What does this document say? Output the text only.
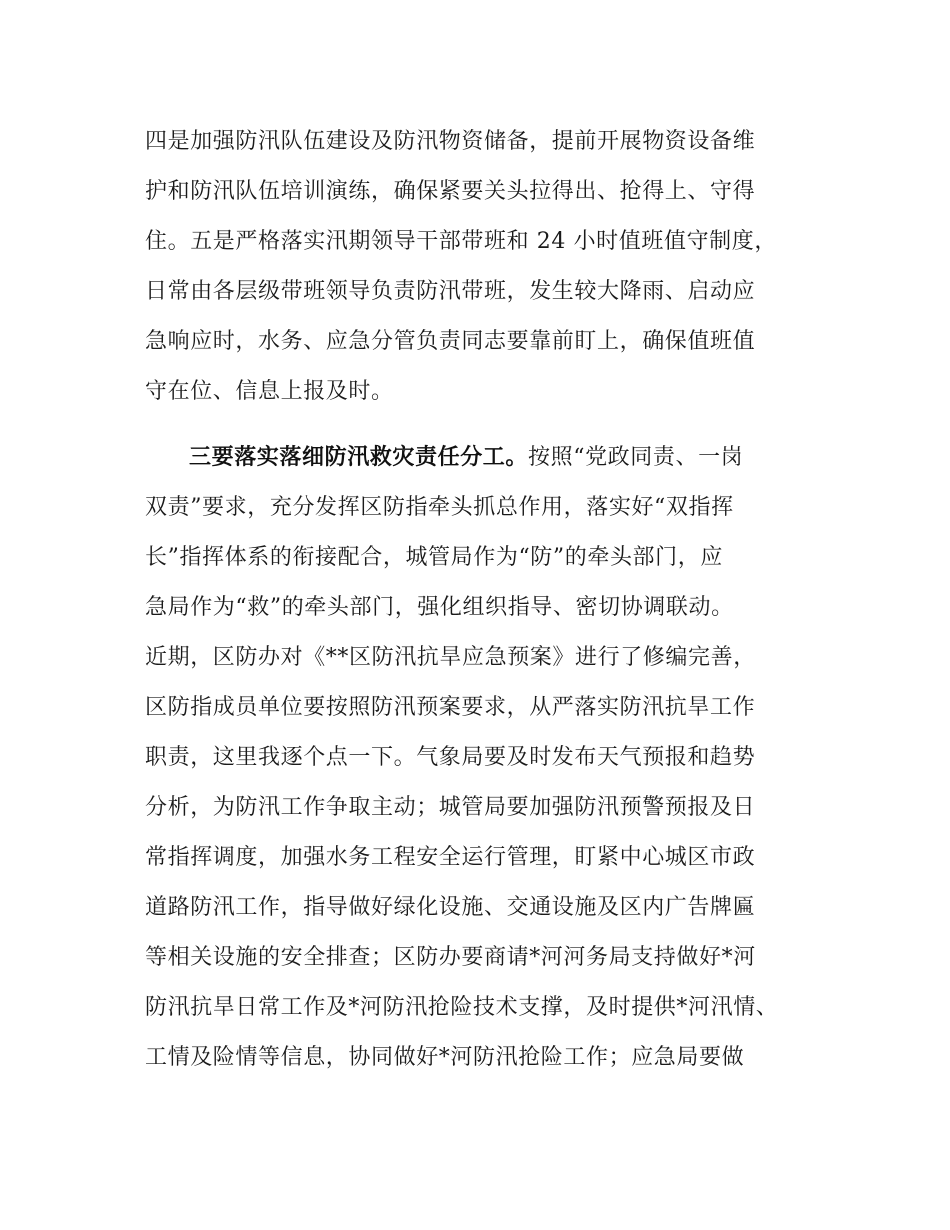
四是加强防汛队伍建设及防汛物资储备，提前开展物资设备维
护和防汛队伍培训演练，确保紧要关头拉得出、抢得上、守得
住。五是严格落实汛期领导干部带班和 24 小时值班值守制度，
日常由各层级带班领导负责防汛带班，发生较大降雨、启动应
急响应时，水务、应急分管负责同志要靠前盯上，确保值班值
守在位、信息上报及时。
三要落实落细防汛救灾责任分工。按照“党政同责、一岗
双责”要求，充分发挥区防指牵头抓总作用，落实好“双指挥
长”指挥体系的衔接配合，城管局作为“防”的牵头部门，应
急局作为“救”的牵头部门，强化组织指导、密切协调联动。
近期，区防办对《**区防汛抗旱应急预案》进行了修编完善，
区防指成员单位要按照防汛预案要求，从严落实防汛抗旱工作
职责，这里我逐个点一下。气象局要及时发布天气预报和趋势
分析，为防汛工作争取主动；城管局要加强防汛预警预报及日
常指挥调度，加强水务工程安全运行管理，盯紧中心城区市政
道路防汛工作，指导做好绿化设施、交通设施及区内广告牌匾
等相关设施的安全排查；区防办要商请*河河务局支持做好*河
防汛抗旱日常工作及*河防汛抢险技术支撑，及时提供*河汛情、
工情及险情等信息，协同做好*河防汛抢险工作；应急局要做
